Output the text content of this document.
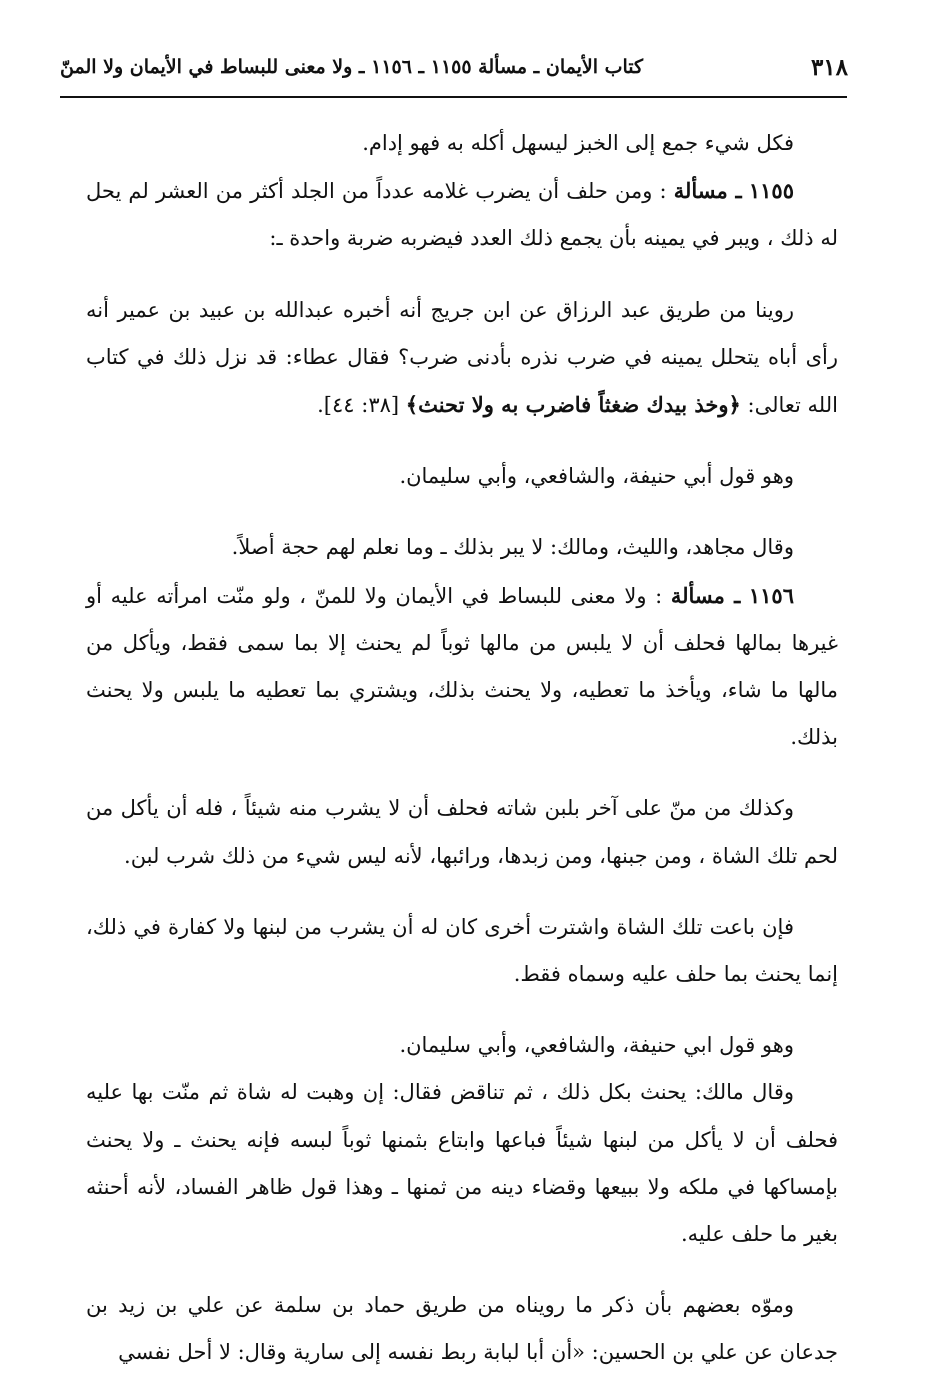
٣١٨
كتاب الأيمان ـ مسألة ١١٥٥ ـ ١١٥٦ ـ ولا معنى للبساط في الأيمان ولا المنّ

فكل شيء جمع إلى الخبز ليسهل أكله به فهو إدام.

١١٥٥ ـ مسألة : ومن حلف أن يضرب غلامه عدداً من الجلد أكثر من العشر لم يحل له ذلك ، ويبر في يمينه بأن يجمع ذلك العدد فيضربه ضربة واحدة ـ:

روينا من طريق عبد الرزاق عن ابن جريج أنه أخبره عبدالله بن عبيد بن عمير أنه رأى أباه يتحلل يمينه في ضرب نذره بأدنى ضرب؟ فقال عطاء: قد نزل ذلك في كتاب الله تعالى: ﴿وخذ بيدك ضغثاً فاضرب به ولا تحنث﴾ [٣٨: ٤٤].

وهو قول أبي حنيفة، والشافعي، وأبي سليمان.

وقال مجاهد، والليث، ومالك: لا يبر بذلك ـ وما نعلم لهم حجة أصلاً.

١١٥٦ ـ مسألة : ولا معنى للبساط في الأيمان ولا للمنّ ، ولو منّت امرأته عليه أو غيرها بمالها فحلف أن لا يلبس من مالها ثوباً لم يحنث إلا بما سمى فقط، ويأكل من مالها ما شاء، ويأخذ ما تعطيه، ولا يحنث بذلك، ويشتري بما تعطيه ما يلبس ولا يحنث بذلك.

وكذلك من منّ على آخر بلبن شاته فحلف أن لا يشرب منه شيئاً ، فله أن يأكل من لحم تلك الشاة ، ومن جبنها، ومن زبدها، ورائبها، لأنه ليس شيء من ذلك شرب لبن.

فإن باعت تلك الشاة واشترت أخرى كان له أن يشرب من لبنها ولا كفارة في ذلك، إنما يحنث بما حلف عليه وسماه فقط.

وهو قول ابي حنيفة، والشافعي، وأبي سليمان.

وقال مالك: يحنث بكل ذلك ، ثم تناقض فقال: إن وهبت له شاة ثم منّت بها عليه فحلف أن لا يأكل من لبنها شيئاً فباعها وابتاع بثمنها ثوباً لبسه فإنه يحنث ـ ولا يحنث بإمساكها في ملكه ولا ببيعها وقضاء دينه من ثمنها ـ وهذا قول ظاهر الفساد، لأنه أحنثه بغير ما حلف عليه.

وموّه بعضهم بأن ذكر ما رويناه من طريق حماد بن سلمة عن علي بن زيد بن جدعان عن علي بن الحسين: «أن أبا لبابة ربط نفسه إلى سارية وقال: لا أحل نفسي
